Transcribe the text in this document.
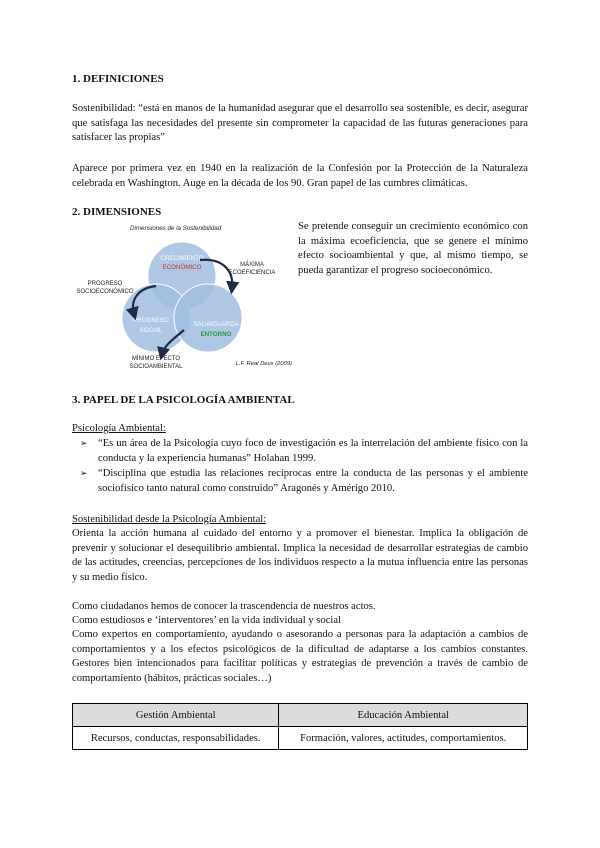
1. DEFINICIONES

Sostenibilidad: “está en manos de la humanidad asegurar que el desarrollo sea sostenible, es decir, asegurar que satisfaga las necesidades del presente sin comprometer la capacidad de las futuras generaciones para satisfacer las propias”

Aparece por primera vez en 1940 en la realización de la Confesión por la Protección de la Naturaleza celebrada en Washington. Auge en la década de los 90. Gran papel de las cumbres climáticas.

2. DIMENSIONES
Dimensiones de la Sostenibilidad
CRECIMIENTO
ECONÓMICO
PROGRESO
SOCIAL
SALVAGUARDA
ENTORNO
MÁXIMA
ECOEFICIENCIA
PROGRESO
SOCIOECONÓMICO
MÍNIMO EFECTO
SOCIOAMBIENTAL	L.F. Real Deus (2009)

Se pretende conseguir un crecimiento económico con la máxima ecoeficiencia, que se genere el mínimo efecto socioambiental y que, al mismo tiempo, se pueda garantizar el progreso socioeconómico.

3. PAPEL DE LA PSICOLOGÍA AMBIENTAL

Psicología Ambiental:

➢ “Es un área de la Psicología cuyo foco de investigación es la interrelación del ambiente físico con la conducta y la experiencia humanas” Holahan 1999.
➢ “Disciplina que estudia las relaciones recíprocas entre la conducta de las personas y el ambiente sociofísico tanto natural como construido” Aragonés y Amérigo 2010.

Sostenibilidad desde la Psicología Ambiental:

Orienta la acción humana al cuidado del entorno y a promover el bienestar. Implica la obligación de prevenir y solucionar el desequilibrio ambiental. Implica la necesidad de desarrollar estrategias de cambio de las actitudes, creencias, percepciones de los individuos respecto a la mutua influencia entre las personas y su medio físico.

Como ciudadanos hemos de conocer la trascendencia de nuestros actos.

Como estudiosos e ‘interventores’ en la vida individual y social

Como expertos en comportamiento, ayudando o asesorando a personas para la adaptación a cambios de comportamientos y a los efectos psicológicos de la dificultad de adaptarse a los cambios constantes. Gestores bien intencionados para facilitar políticas y estrategias de prevención a través de cambio de comportamiento (hábitos, prácticas sociales…)

Gestión Ambiental	Educación Ambiental
Recursos, conductas, responsabilidades.	Formación, valores, actitudes, comportamientos.
